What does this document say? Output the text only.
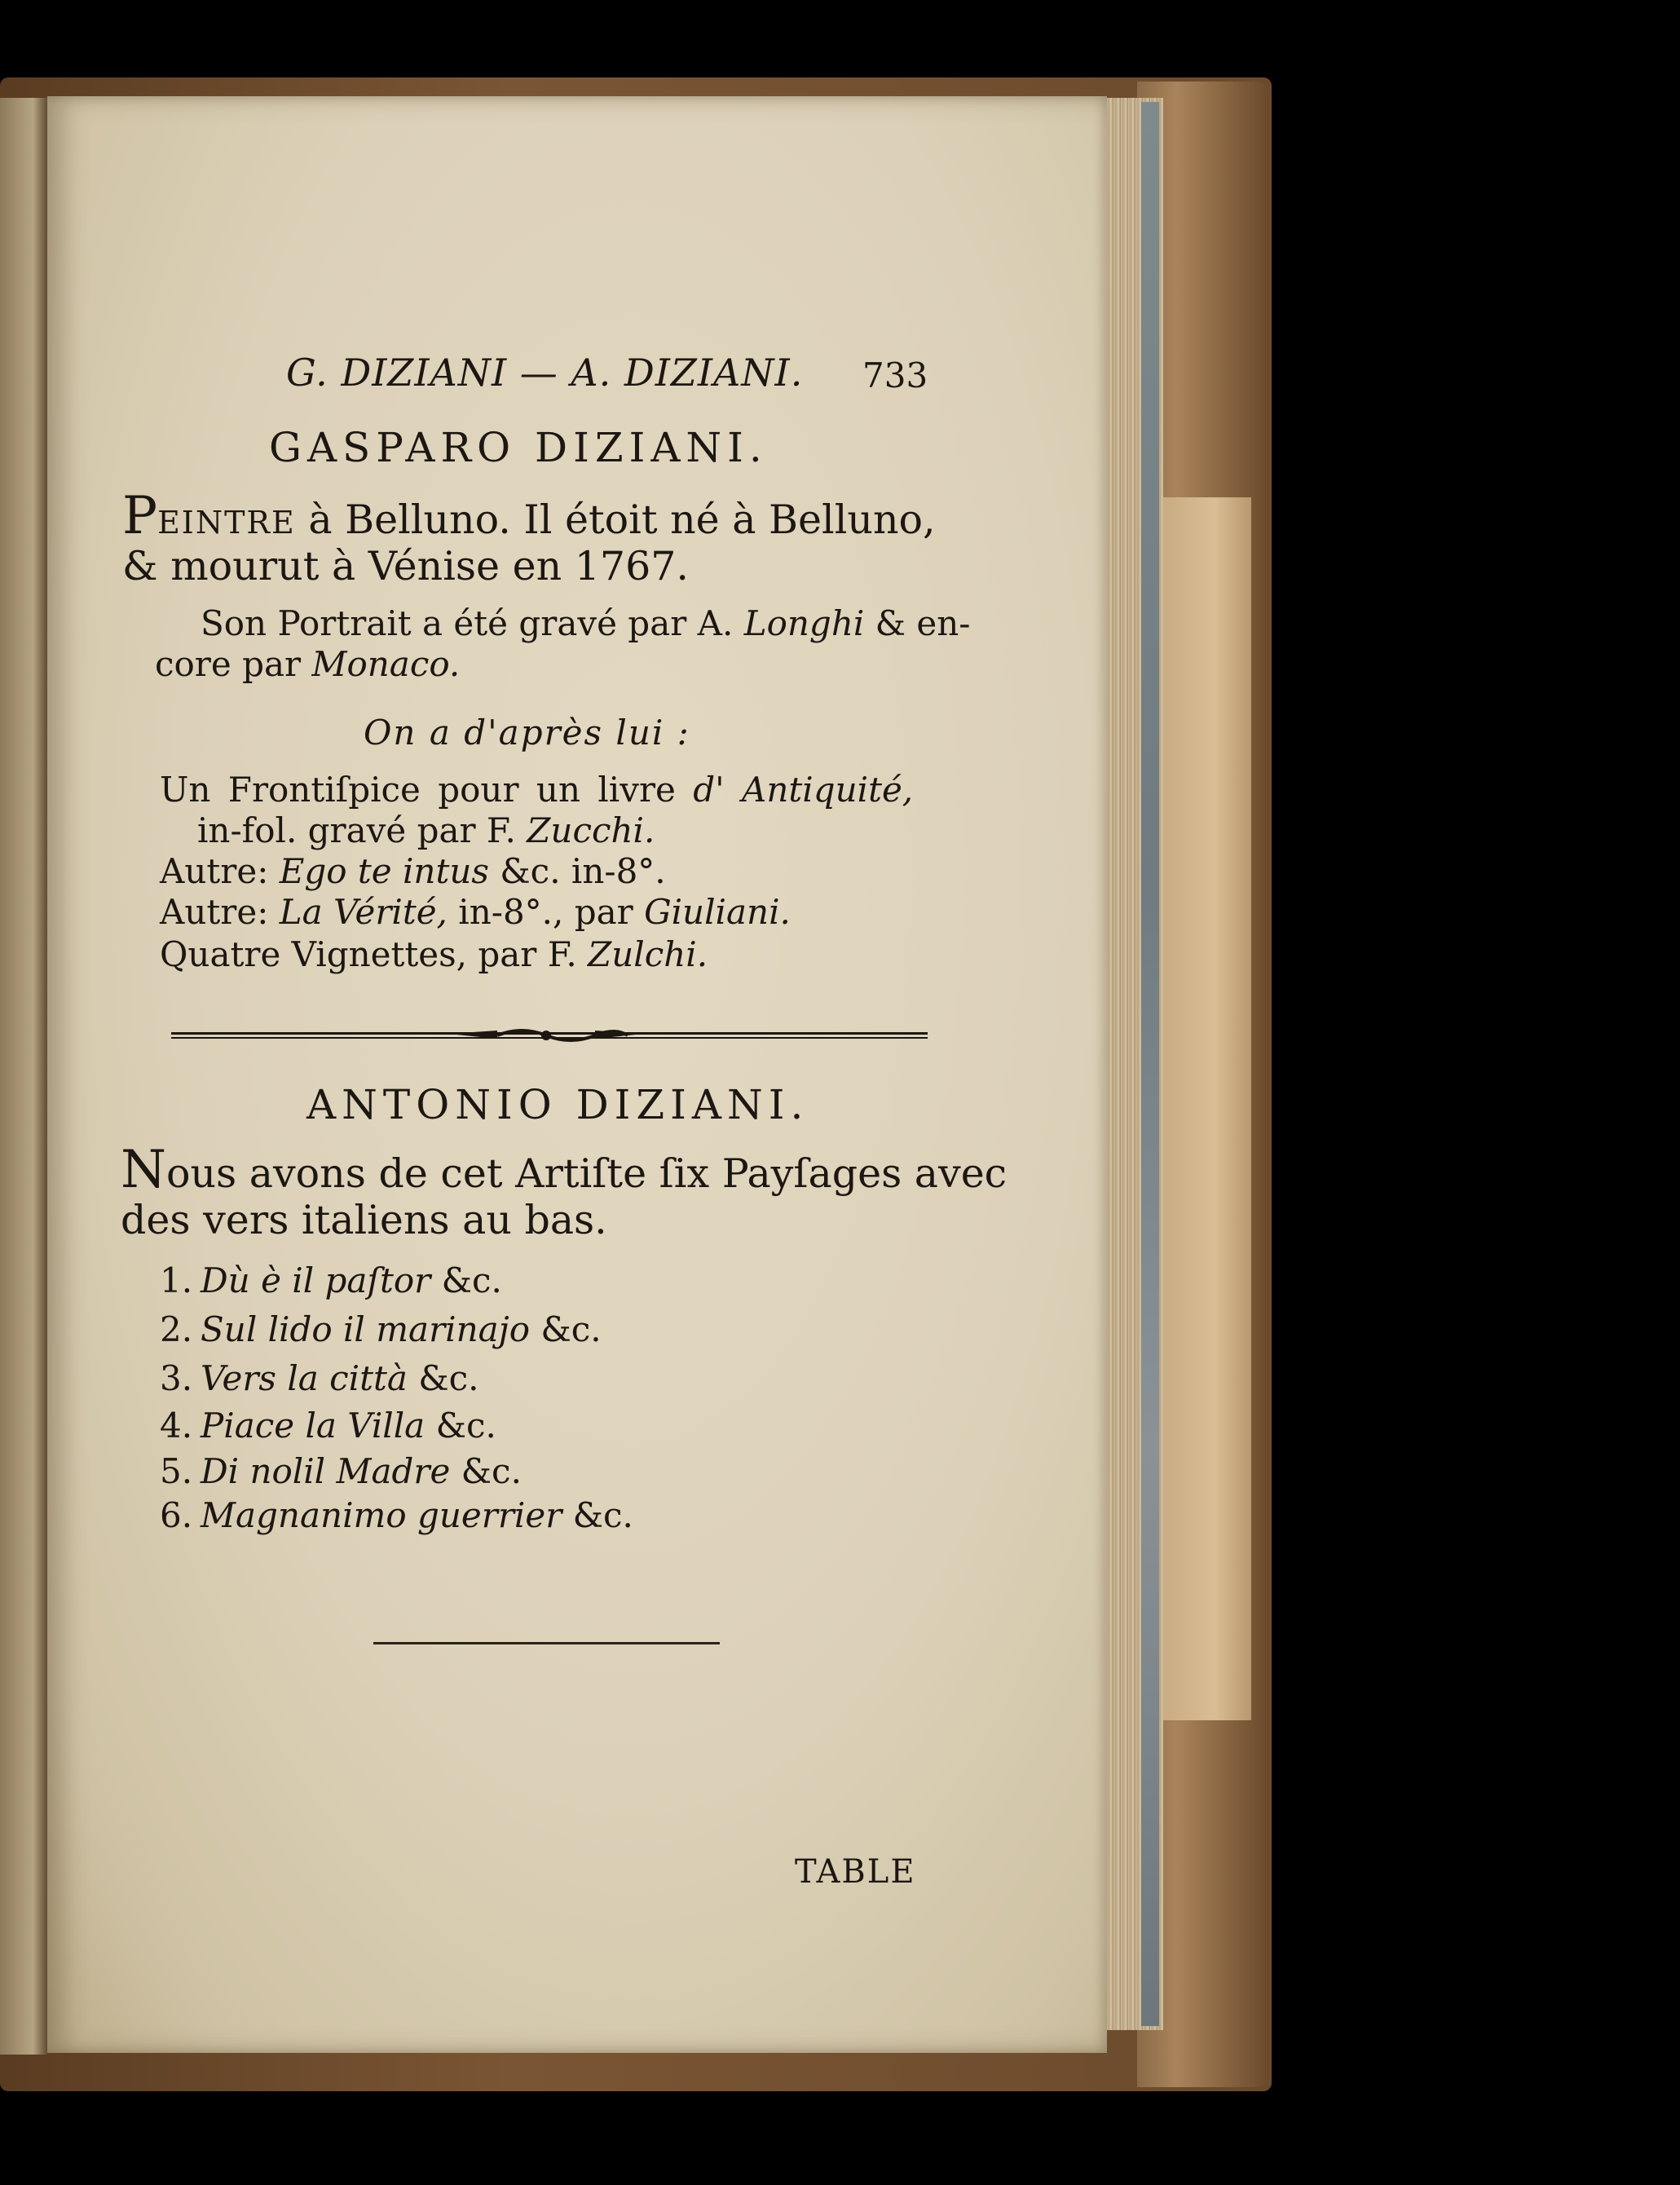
G. DIZIANI — A. DIZIANI. 733
GASPARO DIZIANI.
PEINTRE à Belluno. Il étoit né à Belluno,
& mourut à Vénise en 1767.
Son Portrait a été gravé par A. Longhi & en-
core par Monaco.
On a d'après lui :
Un Frontiſpice pour un livre d' Antiquité,
in-fol. gravé par F. Zucchi.
Autre: Ego te intus &c. in-8°.
Autre: La Vérité, in-8°., par Giuliani.
Quatre Vignettes, par F. Zulchi.
ANTONIO DIZIANI.
Nous avons de cet Artiſte ſix Payſages avec
des vers italiens au bas.
1. Dù è il paſtor &c.
2. Sul lido il marinajo &c.
3. Vers la città &c.
4. Piace la Villa &c.
5. Di nolil Madre &c.
6. Magnanimo guerrier &c.
TABLE
